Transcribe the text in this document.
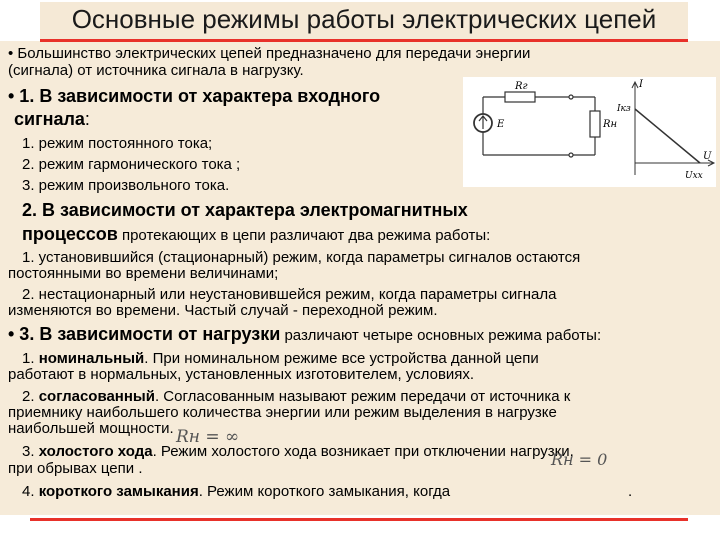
Основные режимы работы электрических цепей
Rг
Rн
E
I
Iкз
U
Uхх
• Большинство электрических цепей предназначено для передачи энергии
(сигнала) от источника сигнала в нагрузку.
• 1. В зависимости от характера входного
сигнала:
1. режим постоянного тока;
2. режим гармонического тока ;
3. режим произвольного тока.
2. В зависимости от характера электромагнитных
процессов протекающих в цепи различают два режима работы:
1. установившийся (стационарный) режим, когда параметры сигналов остаются
постоянными во времени величинами;
2. нестационарный или неустановившейся режим, когда параметры сигнала
изменяются во времени. Частый случай - переходной режим.
• 3. В зависимости от нагрузки различают четыре основных режима работы:
1. номинальный. При номинальном режиме все устройства данной цепи
работают в нормальных, установленных изготовителем, условиях.
2. согласованный. Согласованным называют режим передачи от источника к
приемнику наибольшего количества энергии или режим выделения в нагрузке
наибольшей мощности.
3. холостого хода. Режим холостого хода возникает при отключении нагрузки,
при обрывах цепи .
4. короткого замыкания. Режим короткого замыкания, когда	.
Rн = ∞
Rн = 0
